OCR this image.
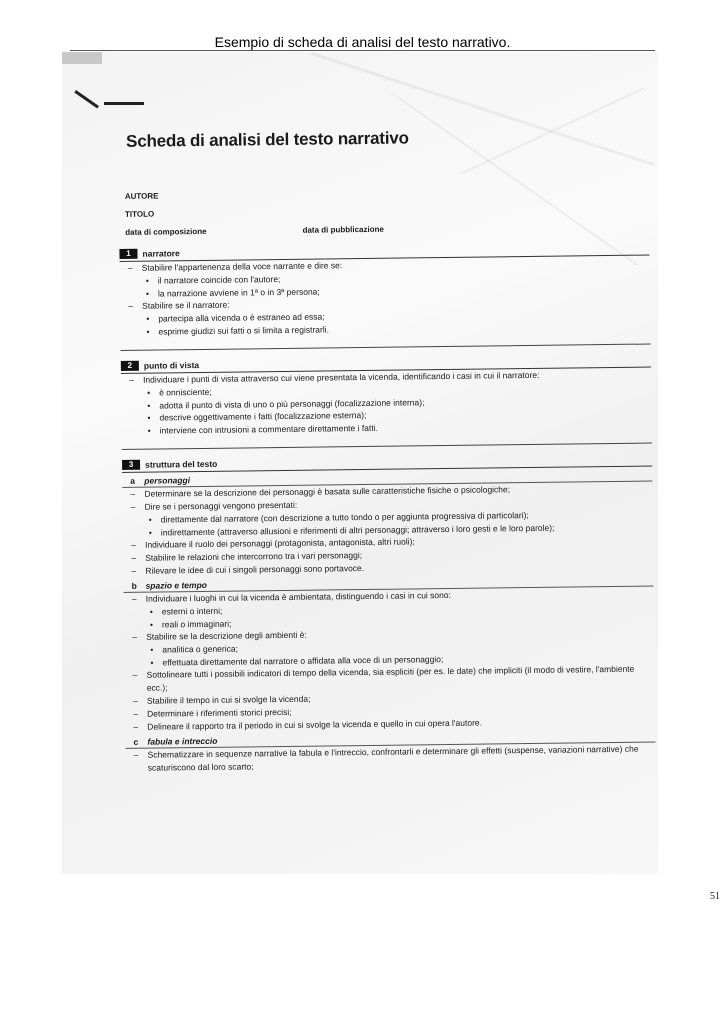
Esempio di scheda di analisi del testo narrativo.
Scheda di analisi del testo narrativo
AUTORE
TITOLO
data di composizione	data di pubblicazione
1	narratore
– Stabilire l'appartenenza della voce narrante e dire se:
• il narratore coincide con l'autore;
• la narrazione avviene in 1ª o in 3ª persona;
– Stabilire se il narratore:
• partecipa alla vicenda o è estraneo ad essa;
• esprime giudizi sui fatti o si limita a registrarli.
2	punto di vista
– Individuare i punti di vista attraverso cui viene presentata la vicenda, identificando i casi in cui il narratore:
• è onnisciente;
• adotta il punto di vista di uno o più personaggi (focalizzazione interna);
• descrive oggettivamente i fatti (focalizzazione esterna);
• interviene con intrusioni a commentare direttamente i fatti.
3	struttura del testo
a	personaggi
– Determinare se la descrizione dei personaggi è basata sulle caratteristiche fisiche o psicologiche;
– Dire se i personaggi vengono presentati:
• direttamente dal narratore (con descrizione a tutto tondo o per aggiunta progressiva di particolari);
• indirettamente (attraverso allusioni e riferimenti di altri personaggi; attraverso i loro gesti e le loro parole);
– Individuare il ruolo dei personaggi (protagonista, antagonista, altri ruoli);
– Stabilire le relazioni che intercorrono tra i vari personaggi;
– Rilevare le idee di cui i singoli personaggi sono portavoce.
b	spazio e tempo
– Individuare i luoghi in cui la vicenda è ambientata, distinguendo i casi in cui sono:
• esterni o interni;
• reali o immaginari;
– Stabilire se la descrizione degli ambienti è:
• analitica o generica;
• effettuata direttamente dal narratore o affidata alla voce di un personaggio;
– Sottolineare tutti i possibili indicatori di tempo della vicenda, sia espliciti (per es. le date) che impliciti (il modo di vestire, l'ambiente ecc.);
– Stabilire il tempo in cui si svolge la vicenda;
– Determinare i riferimenti storici precisi;
– Delineare il rapporto tra il periodo in cui si svolge la vicenda e quello in cui opera l'autore.
c	fabula e intreccio
– Schematizzare in sequenze narrative la fabula e l'intreccio, confrontarli e determinare gli effetti (suspense, variazioni narrative) che scaturiscono dal loro scarto;
51
